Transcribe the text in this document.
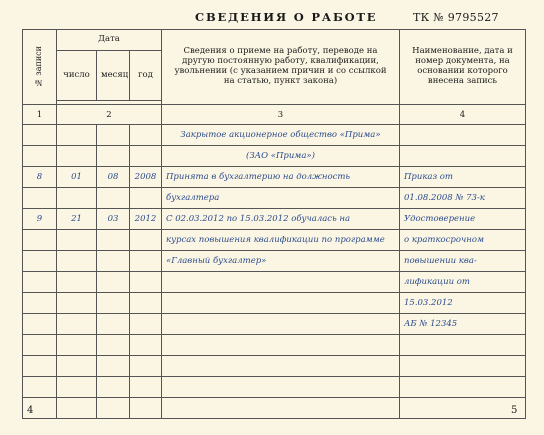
СВЕДЕНИЯ О РАБОТЕ	ТК № 9795527
№ записи	Дата			Сведения о приеме на работу, переводе на другую постоянную работу, квалификации, увольнении (с указанием причин и со ссылкой на статью, пункт закона)	Наименование, дата и номер документа, на основании которого внесена запись
	число	месяц	год		

1	2			3	4
				Закрытое акционерное общество «Прима»	
				(ЗАО «Прима»)	
8	01	08	2008	Принята в бухгалтерию на должность	Приказ от
				бухгалтера	01.08.2008 № 73-к
9	21	03	2012	С 02.03.2012 по 15.03.2012 обучалась на	Удостоверение
				курсах повышения квалификации по программе	о краткосрочном
				«Главный бухгалтер»	повышении ква-
					лификации от
					15.03.2012
					АБ № 12345

4	5
